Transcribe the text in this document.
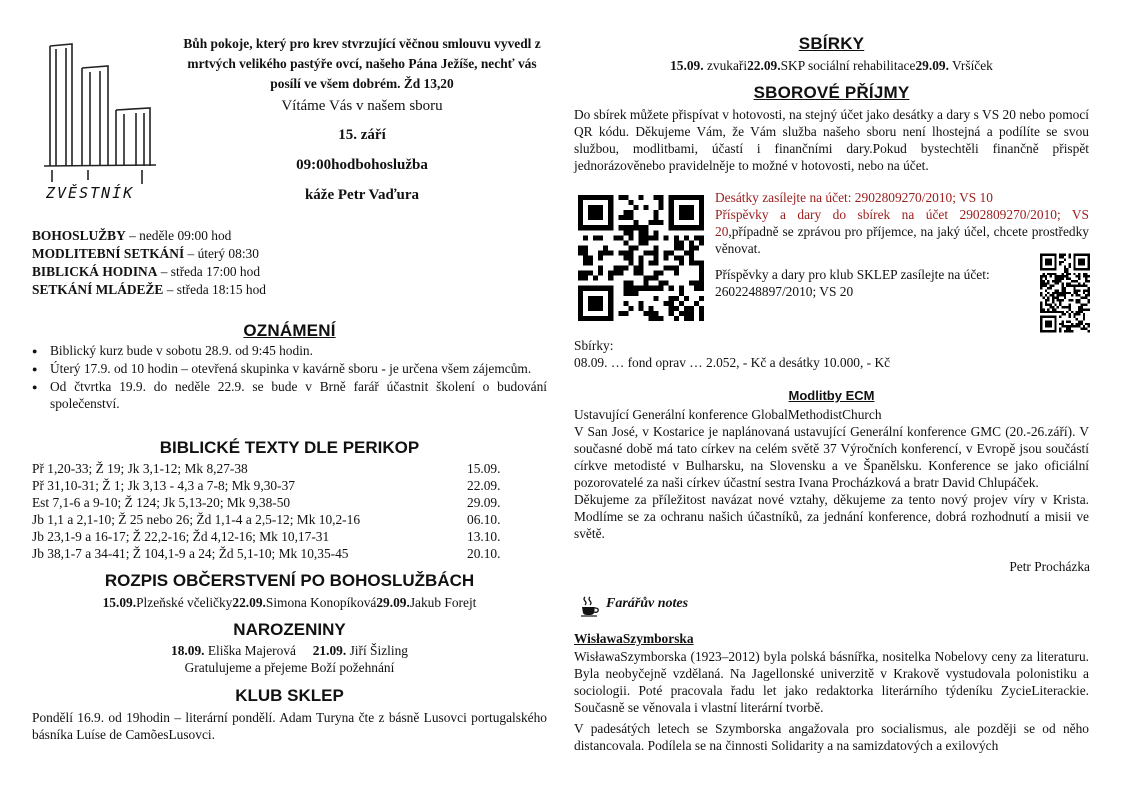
ZVĚSTNÍK
Bůh pokoje, který pro krev stvrzující věčnou smlouvu vyvedl z mrtvých velikého pastýře ovcí, našeho Pána Ježíše, nechť vás posílí ve všem dobrém. Žd 13,20
Vítáme Vás v našem sboru
15. září
09:00hodbohoslužba
káže Petr Vaďura
BOHOSLUŽBY – neděle 09:00 hod
MODLITEBNÍ SETKÁNÍ – úterý 08:30
BIBLICKÁ HODINA – středa 17:00 hod
SETKÁNÍ MLÁDEŽE – středa 18:15 hod
OZNÁMENÍ
● Biblický kurz bude v sobotu 28.9. od 9:45 hodin.
● Úterý 17.9. od 10 hodin – otevřená skupinka v kavárně sboru - je určena všem zájemcům.
● Od čtvrtka 19.9. do neděle 22.9. se bude v Brně farář účastnit školení o budování společenství.
BIBLICKÉ TEXTY DLE PERIKOP
Př 1,20-33; Ž 19; Jk 3,1-12; Mk 8,27-38	15.09.
Př 31,10-31; Ž 1; Jk 3,13 - 4,3 a 7-8; Mk 9,30-37	22.09.
Est 7,1-6 a 9-10; Ž 124; Jk 5,13-20; Mk 9,38-50	29.09.
Jb 1,1 a 2,1-10; Ž 25 nebo 26; Žd 1,1-4 a 2,5-12; Mk 10,2-16	06.10.
Jb 23,1-9 a 16-17; Ž 22,2-16; Žd 4,12-16; Mk 10,17-31	13.10.
Jb 38,1-7 a 34-41; Ž 104,1-9 a 24; Žd 5,1-10; Mk 10,35-45	20.10.
ROZPIS OBČERSTVENÍ PO BOHOSLUŽBÁCH
15.09.Plzeňské včeličky22.09.Simona Konopíková29.09.Jakub Forejt
NAROZENINY
18.09. Eliška Majerová 21.09. Jiří Šizling
Gratulujeme a přejeme Boží požehnání
KLUB SKLEP
Pondělí 16.9. od 19hodin – literární pondělí. Adam Turyna čte z básně Lusovci portugalského básníka Luíse de CamõesLusovci.
SBÍRKY
15.09. zvukaři22.09.SKP sociální rehabilitace29.09. Vršíček
SBOROVÉ PŘÍJMY
Do sbírek můžete přispívat v hotovosti, na stejný účet jako desátky a dary s VS 20 nebo pomocí QR kódu. Děkujeme Vám, že Vám služba našeho sboru není lhostejná a podílíte se svou službou, modlitbami, účastí i finančními dary.Pokud bystechtěli finančně přispět jednorázověnebo pravidelněje to možné v hotovosti, nebo na účet.
Desátky zasílejte na účet: 2902809270/2010; VS 10
Příspěvky a dary do sbírek na účet 2902809270/2010; VS 20,případně se zprávou pro příjemce, na jaký účel, chcete prostředky věnovat.
Příspěvky a dary pro klub SKLEP zasílejte na účet: 2602248897/2010; VS 20
Sbírky:
08.09. … fond oprav … 2.052, - Kč a desátky 10.000, - Kč
Modlitby ECM
Ustavující Generální konference GlobalMethodistChurch
V San José, v Kostarice je naplánovaná ustavující Generální konference GMC (20.-26.září). V současné době má tato církev na celém světě 37 Výročních konferencí, v Evropě jsou součástí církve metodisté v Bulharsku, na Slovensku a ve Španělsku. Konference se jako oficiální pozorovatelé za naši církev účastní sestra Ivana Procházková a bratr David Chlupáček.
Děkujeme za příležitost navázat nové vztahy, děkujeme za tento nový projev víry v Krista. Modlíme se za ochranu našich účastníků, za jednání konference, dobrá rozhodnutí a misii ve světě.
Petr Procházka
Farářův notes
WisławaSzymborska
WisławaSzymborska (1923–2012) byla polská básnířka, nositelka Nobelovy ceny za literaturu. Byla neobyčejně vzdělaná. Na Jagellonské univerzitě v Krakově vystudovala polonistiku a sociologii. Poté pracovala řadu let jako redaktorka literárního týdeníku ZycieLiterackie. Současně se věnovala i vlastní literární tvorbě.
V padesátých letech se Szymborska angažovala pro socialismus, ale později se od něho distancovala. Podílela se na činnosti Solidarity a na samizdatových a exilových
